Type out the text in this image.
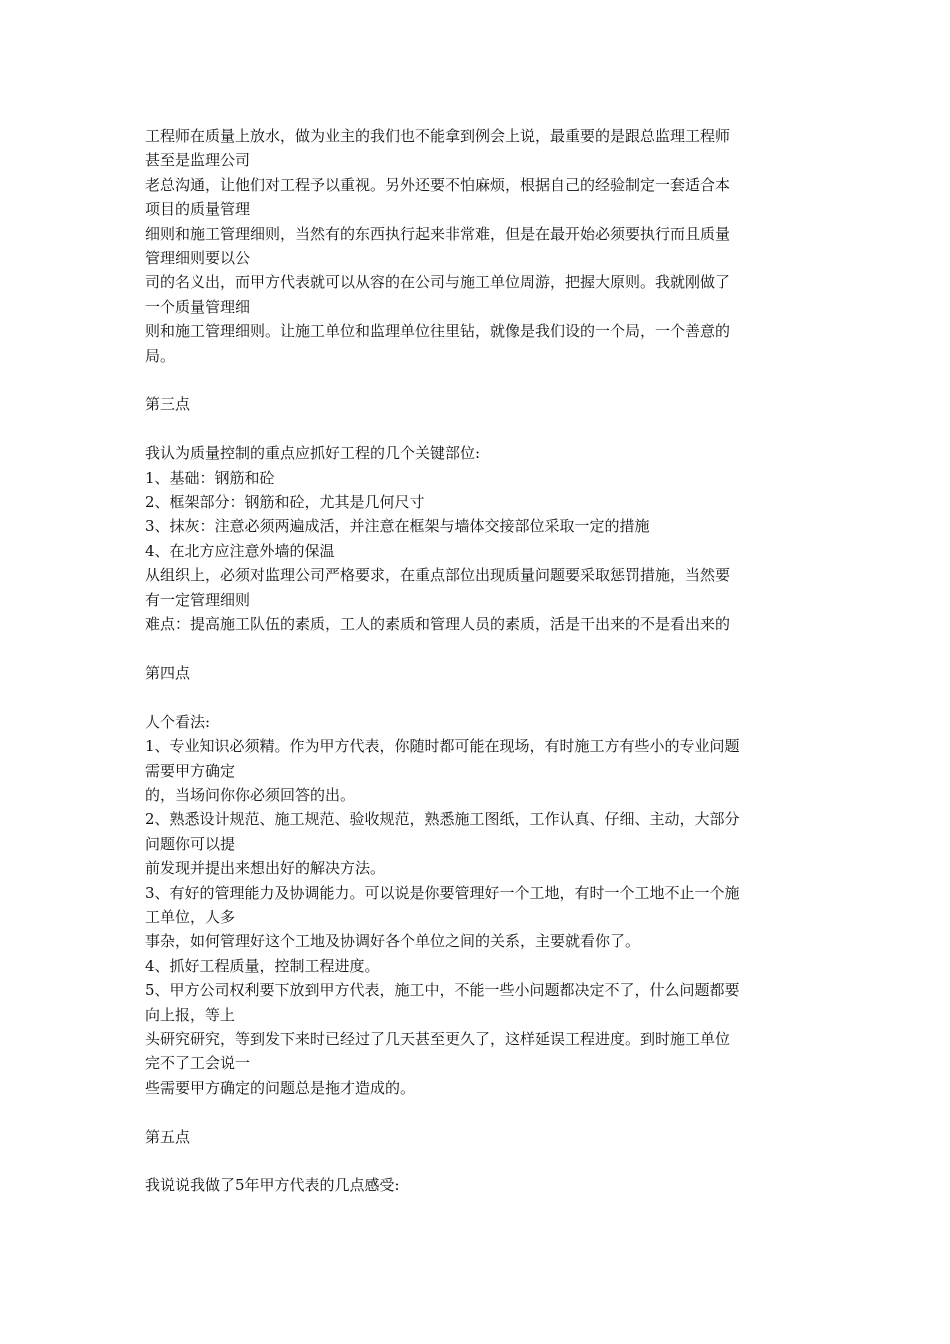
工程师在质量上放水，做为业主的我们也不能拿到例会上说，最重要的是跟总监理工程师
甚至是监理公司
老总沟通，让他们对工程予以重视。另外还要不怕麻烦，根据自己的经验制定一套适合本
项目的质量管理
细则和施工管理细则，当然有的东西执行起来非常难，但是在最开始必须要执行而且质量
管理细则要以公
司的名义出，而甲方代表就可以从容的在公司与施工单位周游，把握大原则。我就刚做了
一个质量管理细
则和施工管理细则。让施工单位和监理单位往里钻，就像是我们设的一个局，一个善意的
局。
第三点
我认为质量控制的重点应抓好工程的几个关键部位:
1、基础：钢筋和砼
2、框架部分：钢筋和砼，尤其是几何尺寸
3、抹灰：注意必须两遍成活，并注意在框架与墙体交接部位采取一定的措施
4、在北方应注意外墙的保温
从组织上，必须对监理公司严格要求，在重点部位出现质量问题要采取惩罚措施，当然要
有一定管理细则
难点：提高施工队伍的素质，工人的素质和管理人员的素质，活是干出来的不是看出来的
第四点
人个看法:
1、专业知识必须精。作为甲方代表，你随时都可能在现场，有时施工方有些小的专业问题
需要甲方确定
的，当场问你你必须回答的出。
2、熟悉设计规范、施工规范、验收规范，熟悉施工图纸，工作认真、仔细、主动，大部分
问题你可以提
前发现并提出来想出好的解决方法。
3、有好的管理能力及协调能力。可以说是你要管理好一个工地，有时一个工地不止一个施
工单位，人多
事杂，如何管理好这个工地及协调好各个单位之间的关系，主要就看你了。
4、抓好工程质量，控制工程进度。
5、甲方公司权利要下放到甲方代表，施工中，不能一些小问题都决定不了，什么问题都要
向上报，等上
头研究研究，等到发下来时已经过了几天甚至更久了，这样延误工程进度。到时施工单位
完不了工会说一
些需要甲方确定的问题总是拖才造成的。
第五点
我说说我做了5年甲方代表的几点感受:
